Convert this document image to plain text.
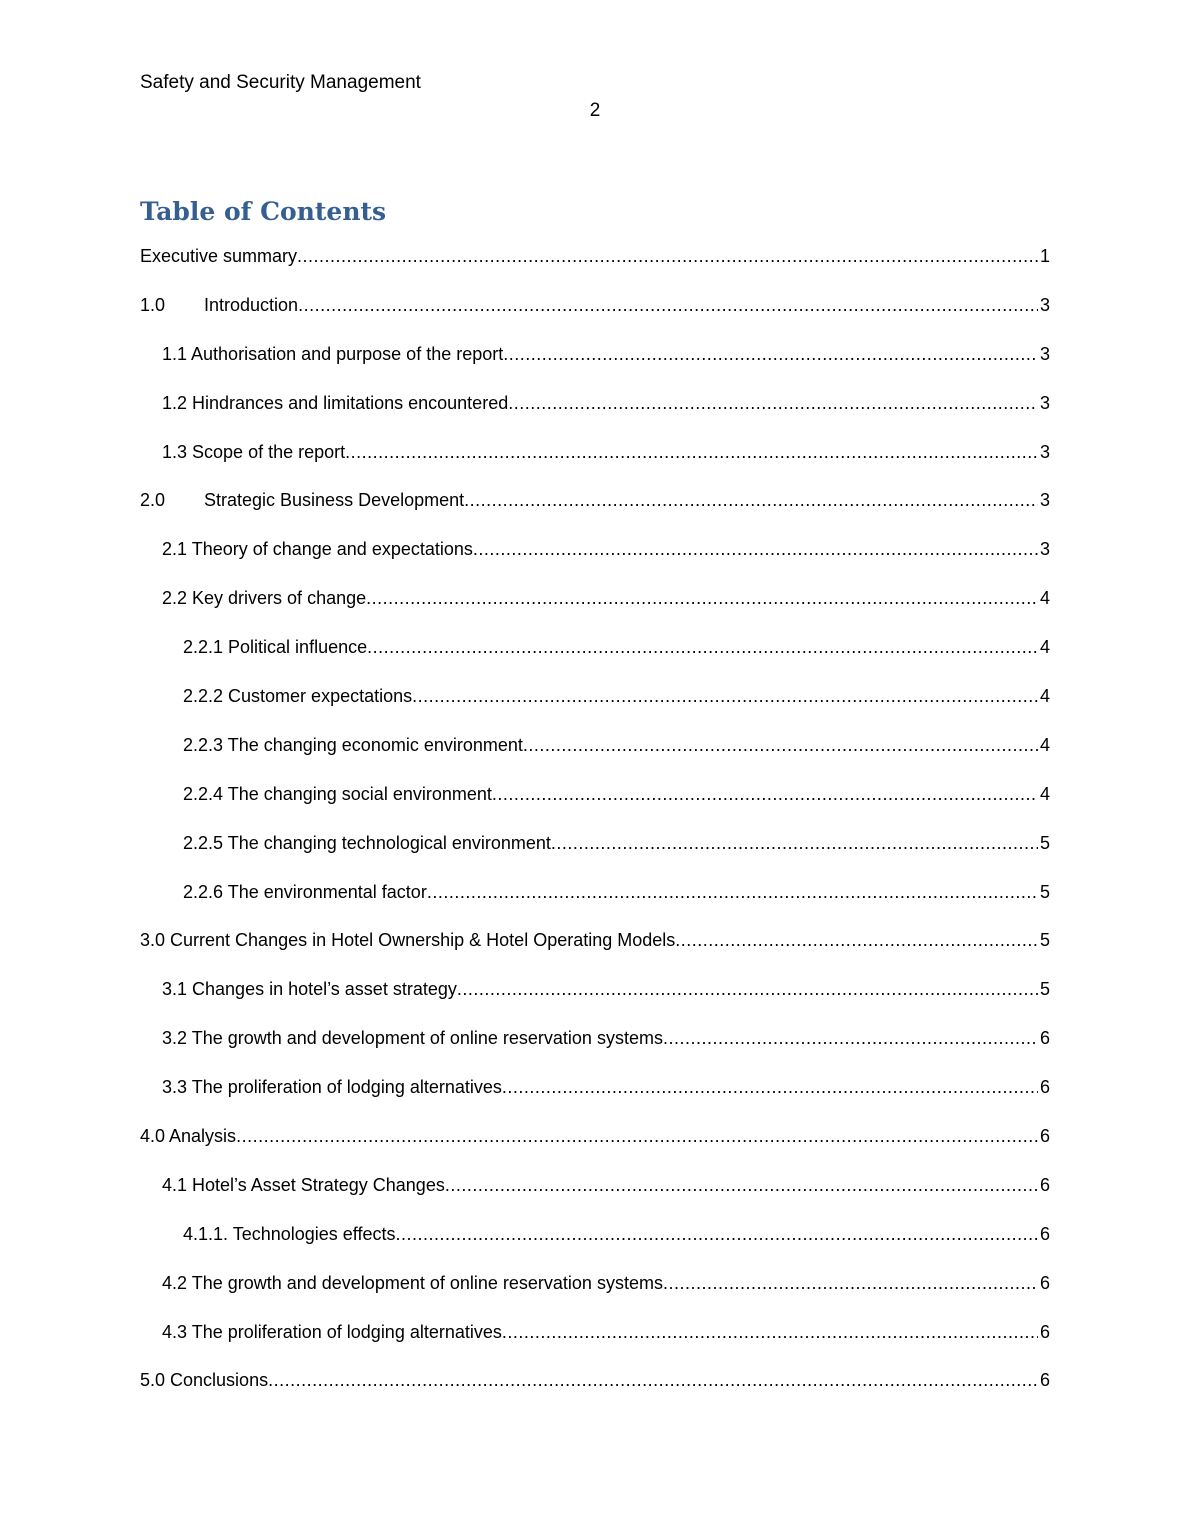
Safety and Security Management
2
Table of Contents
Executive summary .....	1
1.0	Introduction .....	3
1.1 Authorisation and purpose of the report .....	3
1.2 Hindrances and limitations encountered .....	3
1.3 Scope of the report .....	3
2.0	Strategic Business Development .....	3
2.1 Theory of change and expectations .....	3
2.2 Key drivers of change .....	4
2.2.1 Political influence .....	4
2.2.2 Customer expectations .....	4
2.2.3 The changing economic environment .....	4
2.2.4 The changing social environment .....	4
2.2.5 The changing technological environment .....	5
2.2.6 The environmental factor .....	5
3.0 Current Changes in Hotel Ownership & Hotel Operating Models .....	5
3.1 Changes in hotel’s asset strategy .....	5
3.2 The growth and development of online reservation systems .....	6
3.3 The proliferation of lodging alternatives .....	6
4.0 Analysis .....	6
4.1 Hotel’s Asset Strategy Changes .....	6
4.1.1. Technologies effects .....	6
4.2 The growth and development of online reservation systems .....	6
4.3 The proliferation of lodging alternatives .....	6
5.0 Conclusions .....	6
